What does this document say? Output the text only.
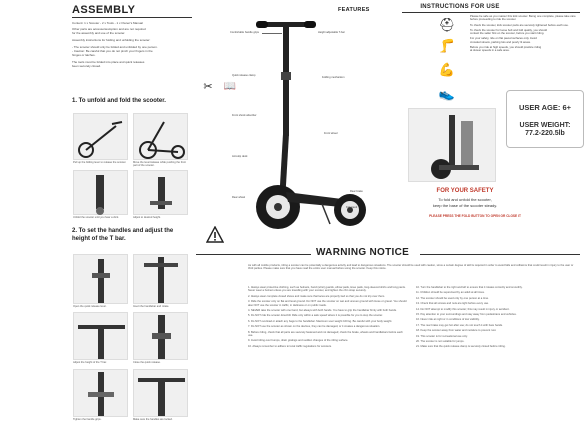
ASSEMBLY
Content: 1 x Scooter - 2 x Tools - 1 x Owner's Manual
Other parts are accessories/option and are not required
for the assembly and use of the scooter.
Assembly instructions for folding and unfolding the scooter:
- The scooter should only be folded and unfolded by one person.
- Caution: Be careful that you do not pinch your fingers in the
hinges or latches.
The tools must be folded into place and quick releases
been securely closed.
✂	📖
1. To unfold and fold the scooter.
Pull up the folding lever to release the scooter.	Move the lever/release while pushing the front part of the scooter.
Unfold the scooter until you hear a click.	Adjust to desired height.
2. To set the handles and adjust the
height of the T bar.
Open the quick release lever.	Insert the handlebar and rotate.
Adjust the height of the T bar.	Close the quick release.
Tighten the handle grips.	Make sure the handles are locked.
FEATURES
Comfortable handle grips	Height adjustable T-bar
Quick release clamp
Folding mechanism
Front shock absorber
Front wheel
Anti-slip deck
Kickstand
Rear brake
Rear wheel
INSTRUCTIONS FOR USE
Please be safe as you master this kick scooter. Being one complete, please take care before proceeding to ride the scooter.
To check the scooter, kick scooter parts are securely tightened before each use.
To check the scooter for loose bolt and fold quality, you should
contact the seller first on the scooter, before you start riding.
For your safety, ride on flat paved surfaces only. Avoid
crowded streets, parking lots and poorly lit areas.
Before you ride at high speeds, you should practice riding
at slower speeds in a safe area.
⛑
🦵
💪
👟
USER AGE: 6+
USER WEIGHT:
77.2-220.5lb
FOR YOUR SAFETY
To fold and unfold the scooter,
keep the base of the scooter steady.
PLEASE PRESS THE FOLD BUTTON TO OPEN OR CLOSE IT
WARNING NOTICE
As with all mobile products, riding a scooter can be potentially a dangerous activity and lead to dangerous situations. The scooter should be used with caution, since a certain degree of skill is required in order to avoid falls and collisions that could result in injury to the user or third parties. Please make sure that you have read the entire user manual before using the scooter. Keep this notice.
1. Always wear protective clothing, such as helmets, hand (wrist) guards, elbow pads, knee pads, long-sleeved shirts and long pants. Never wear a helmet unless you are travelling with your scooter, and tighten the chin strap securely.
2. Always wear complete closed shoes and make sure that laces are properly tied so that you do not trip over them.
3. Ride the scooter only on flat and level ground. Do NOT use the scooter on wet and uneven ground with loose or gravel. You should also NOT use the scooter in traffic, in darkness or on public roads.
4. NEVER take the scooter with one hand, but always with both hands. You have to grip the handlebar firmly with both hands.
5. Do NOT ride the scooter downhill. Ride only within a safe speed where it is possible for you to stop the scooter.
6. Do NOT overload or attach any bags to the handlebar. Maximum user weight 100 kg. Be careful with your body weight.
7. Do NOT use the scooter as shown on the devices, they can be damaged, or it creates a dangerous situation.
8. Before riding, check that all parts are securely fastened and not damaged; check the brake, wheels and handlebars before each use.
9. Avoid riding over bumps, drain gratings and sudden changes of the riding surface.
10. Always remember to adhere to local traffic regulations for scooters.
10. Turn the handlebar to the right and left to ensure that it rotates correctly and smoothly.
11. Children should be supervised by an adult at all times.
12. The scooter should be used only by one person at a time.
13. Check that all screws and nuts are tight before every use.
14. Do NOT attempt to modify this scooter; this may result in injury or accident.
15. Pay attention to your surroundings and stay away from pedestrians and vehicles.
16. Never ride at night or in conditions of low visibility.
17. The rear brake may get hot after use; do not touch it with bare hands.
18. Keep the scooter away from water and moisture to prevent rust.
19. This scooter is for recreational use only.
20. The scooter is not suitable for jumps.
21. Make sure that the quick release clamp is securely closed before riding.
